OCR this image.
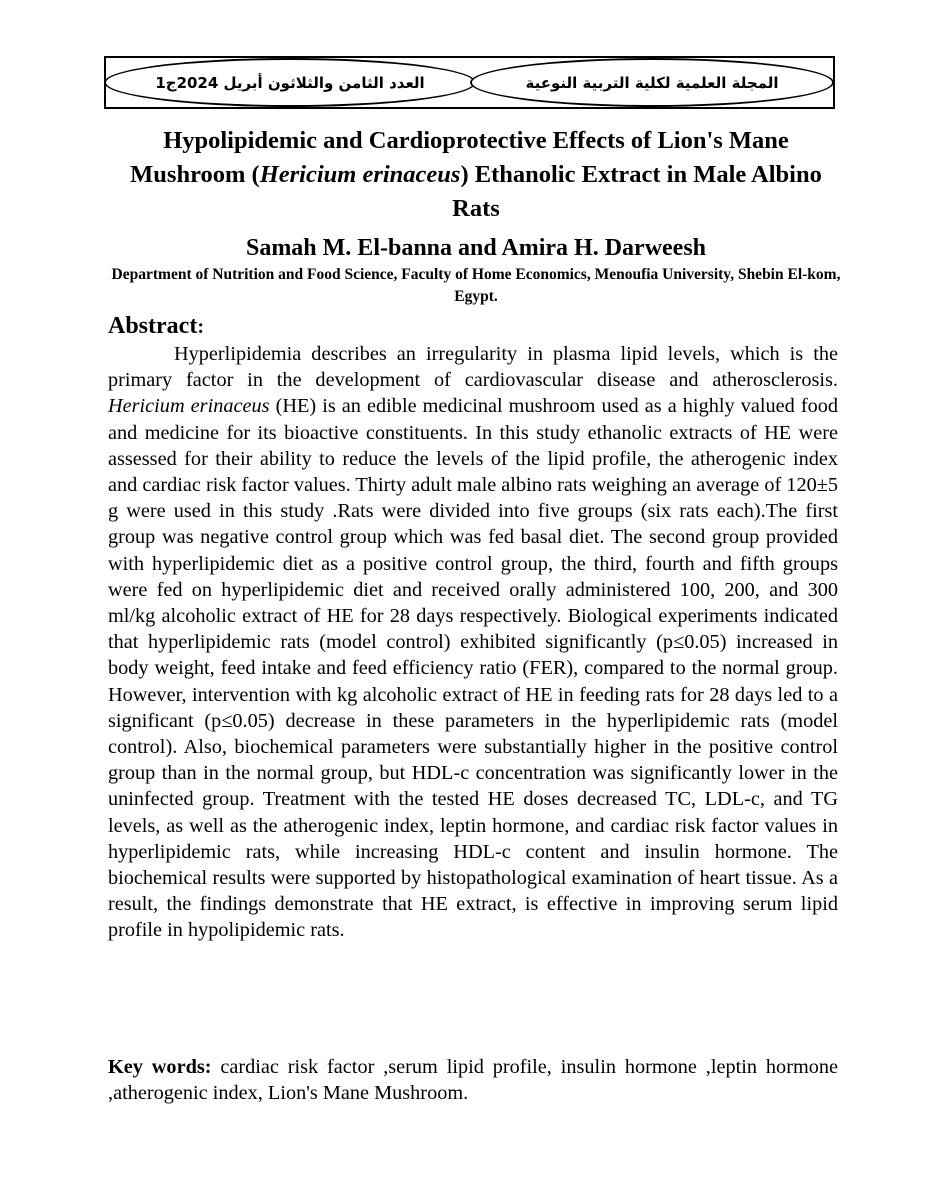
العدد الثامن والثلاثون أبريل 2024ج1	المجلة العلمية لكلية التربية النوعية
Hypolipidemic and Cardioprotective Effects of Lion's Mane Mushroom (Hericium erinaceus) Ethanolic Extract in Male Albino Rats
Samah M. El-banna and Amira H. Darweesh
Department of Nutrition and Food Science, Faculty of Home Economics, Menoufia University, Shebin El-kom, Egypt.
Abstract:

Hyperlipidemia describes an irregularity in plasma lipid levels, which is the primary factor in the development of cardiovascular disease and atherosclerosis. Hericium erinaceus (HE) is an edible medicinal mushroom used as a highly valued food and medicine for its bioactive constituents. In this study ethanolic extracts of HE were assessed for their ability to reduce the levels of the lipid profile, the atherogenic index and cardiac risk factor values. Thirty adult male albino rats weighing an average of 120±5 g were used in this study .Rats were divided into five groups (six rats each).The first group was negative control group which was fed basal diet. The second group provided with hyperlipidemic diet as a positive control group, the third, fourth and fifth groups were fed on hyperlipidemic diet and received orally administered 100, 200, and 300 ml/kg alcoholic extract of HE for 28 days respectively. Biological experiments indicated that hyperlipidemic rats (model control) exhibited significantly (p≤0.05) increased in body weight, feed intake and feed efficiency ratio (FER), compared to the normal group. However, intervention with kg alcoholic extract of HE in feeding rats for 28 days led to a significant (p≤0.05) decrease in these parameters in the hyperlipidemic rats (model control). Also, biochemical parameters were substantially higher in the positive control group than in the normal group, but HDL-c concentration was significantly lower in the uninfected group. Treatment with the tested HE doses decreased TC, LDL-c, and TG levels, as well as the atherogenic index, leptin hormone, and cardiac risk factor values in hyperlipidemic rats, while increasing HDL-c content and insulin hormone. The biochemical results were supported by histopathological examination of heart tissue. As a result, the findings demonstrate that HE extract, is effective in improving serum lipid profile in hypolipidemic rats.

Key words: cardiac risk factor ,serum lipid profile, insulin hormone ,leptin hormone ,atherogenic index, Lion's Mane Mushroom.
